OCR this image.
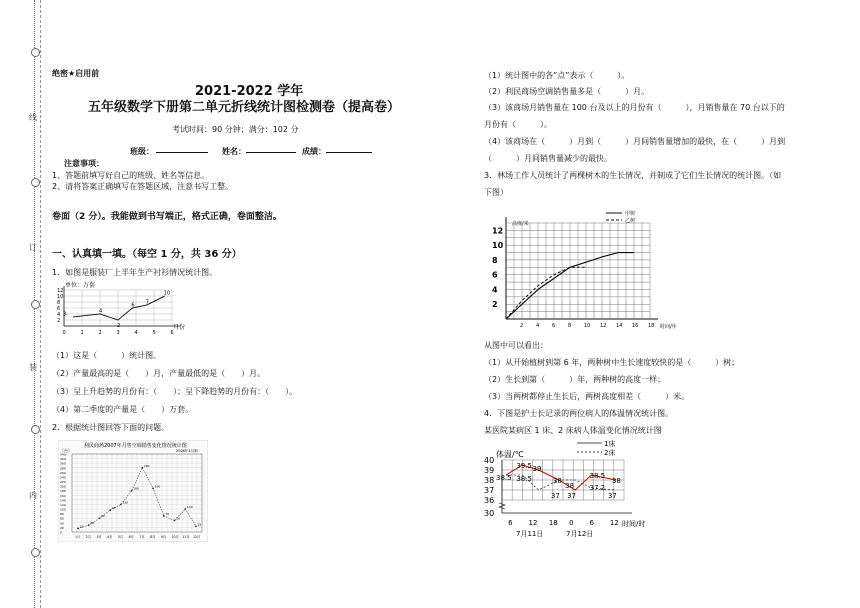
线
订
装
内
绝密★启用前
2021-2022 学年
五年级数学下册第二单元折线统计图检测卷（提高卷）
考试时间：90 分钟；满分：102 分
班级：	姓名：	成绩：
注意事项：
1、答题前填写好自己的班级、姓名等信息。
2、请将答案正确填写在答题区域，注意书写工整。
卷面（2 分）。我能做到书写端正，格式正确，卷面整洁。
一、认真填一填。（每空 1 分，共 36 分）
1．如图是服装厂上半年生产衬衫情况统计图。
单位：万套
2
4
6
8
10
12
0	1	2	3	4	5	6
3	4
2
6 7
10
月份
（1）这是（　　　）统计图。
（2）产量最高的是（　　）月，产量最低的是（　　）月。
（3）呈上升趋势的月份有：（　　）；呈下降趋势的月份有：（　　）。
（4）第二季度的产量是（　　）万套。
2．根据统计图回答下面的问题。
利民商场2007年月售空调销售变化情况统计图
2008年1月制
（台）
0
20
40
60
80
100
120
140
160
180
200
220
240
260
280
300
320
340
1月 2月 3月 4月 5月 6月 7月 8月 9月 10月 11月 12月
15
30
60
95
120
180
280
190
70
50
100
25
（1）统计图中的各“点”表示（　　　）。
（2）利民商场空调销售量多是（　　　）月。
（3）该商场月销售量在 100 台及以上的月份有（　　　），月销售量在 70 台以下的
月份有（　　　）。
（4）该商场在（　　　）月到（　　　）月间销售量增加的最快，在（　　　）月到
（　　　）月间销售量减少的最快。
3．林场工作人员统计了两棵树木的生长情况，并制成了它们生长情况的统计图。（如
下图）
高度/米
2
4
6
8
10
12
2	4	6	8	10 12 14 16 18
甲树
乙树
时间/年
从图中可以看出：
（1）从开始植树到第 6 年，两种树中生长速度较快的是（　　　）树；
（2）生长到第（　　　）年，两种树的高度一样；
（3）当两树都停止生长后，两树高度相差（　　　）米。
4．下图是护士长记录的两位病人的体温情况统计图。
某医院某病区 1 床、2 床病人体温变化情况统计图
体温/℃
1床
2床
30
36
37
38
39
40
6 12 18 0 6 12
38.5
39.5 39
38.5	38
37
38
37
38.5
37.2
38
37
时间/时
7月11日	7月12日
